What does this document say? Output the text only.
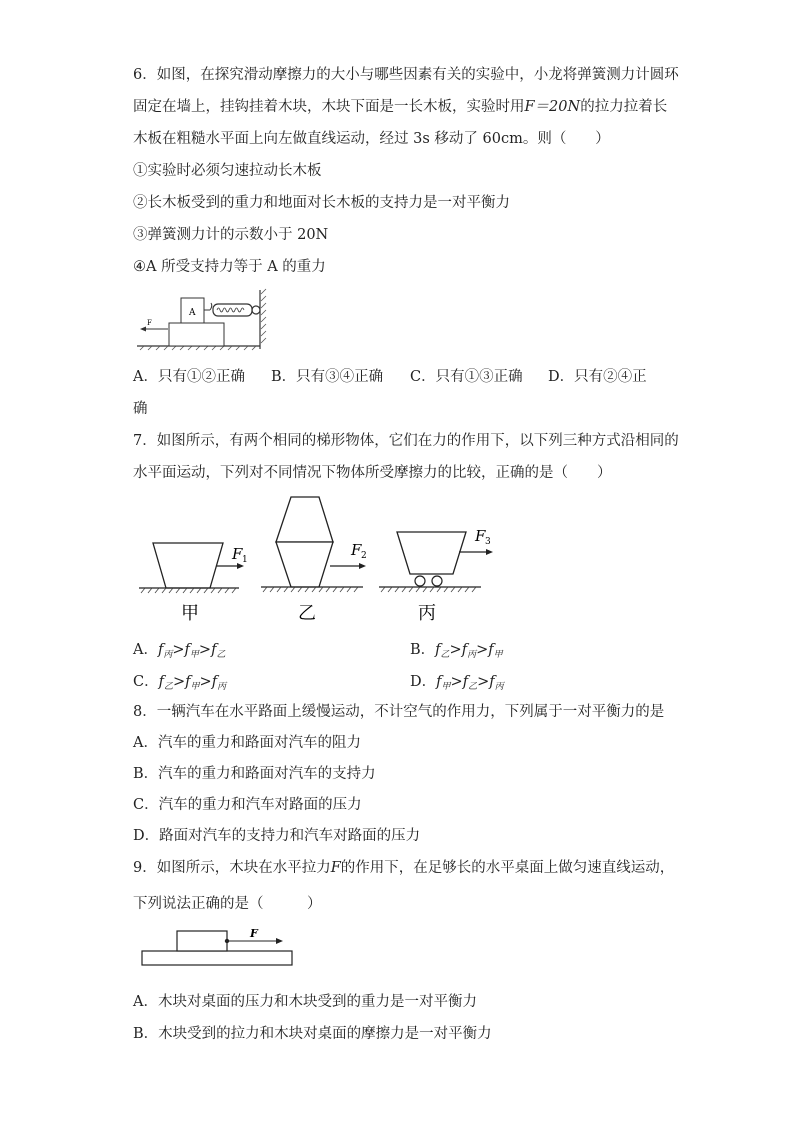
6．如图，在探究滑动摩擦力的大小与哪些因素有关的实验中，小龙将弹簧测力计圆环
固定在墙上，挂钩挂着木块，木块下面是一长木板，实验时用F＝20N的拉力拉着长
木板在粗糙水平面上向左做直线运动，经过 3s 移动了 60cm。则（　　）
①实验时必须匀速拉动长木板
②长木板受到的重力和地面对长木板的支持力是一对平衡力
③弹簧测力计的示数小于 20N
④A 所受支持力等于 A 的重力
A
F
A．只有①②正确 B．只有③④正确 C．只有①③正确 D．只有②④正
确
7．如图所示，有两个相同的梯形物体，它们在力的作用下，以下列三种方式沿相同的
水平面运动，下列对不同情况下物体所受摩擦力的比较，正确的是（　　）
F 1
甲
F 2
乙
F 3
丙
A．$f_丙>f_甲>f_乙$	B．$f_乙>f_丙>f_甲$
C．$f_乙>f_甲>f_丙$	D．$f_甲>f_乙>f_丙$
8．一辆汽车在水平路面上缓慢运动，不计空气的作用力，下列属于一对平衡力的是
A．汽车的重力和路面对汽车的阻力
B．汽车的重力和路面对汽车的支持力
C．汽车的重力和汽车对路面的压力
D．路面对汽车的支持力和汽车对路面的压力
9．如图所示，木块在水平拉力F的作用下，在足够长的水平桌面上做匀速直线运动，
下列说法正确的是（　　　）
F
A．木块对桌面的压力和木块受到的重力是一对平衡力
B．木块受到的拉力和木块对桌面的摩擦力是一对平衡力
